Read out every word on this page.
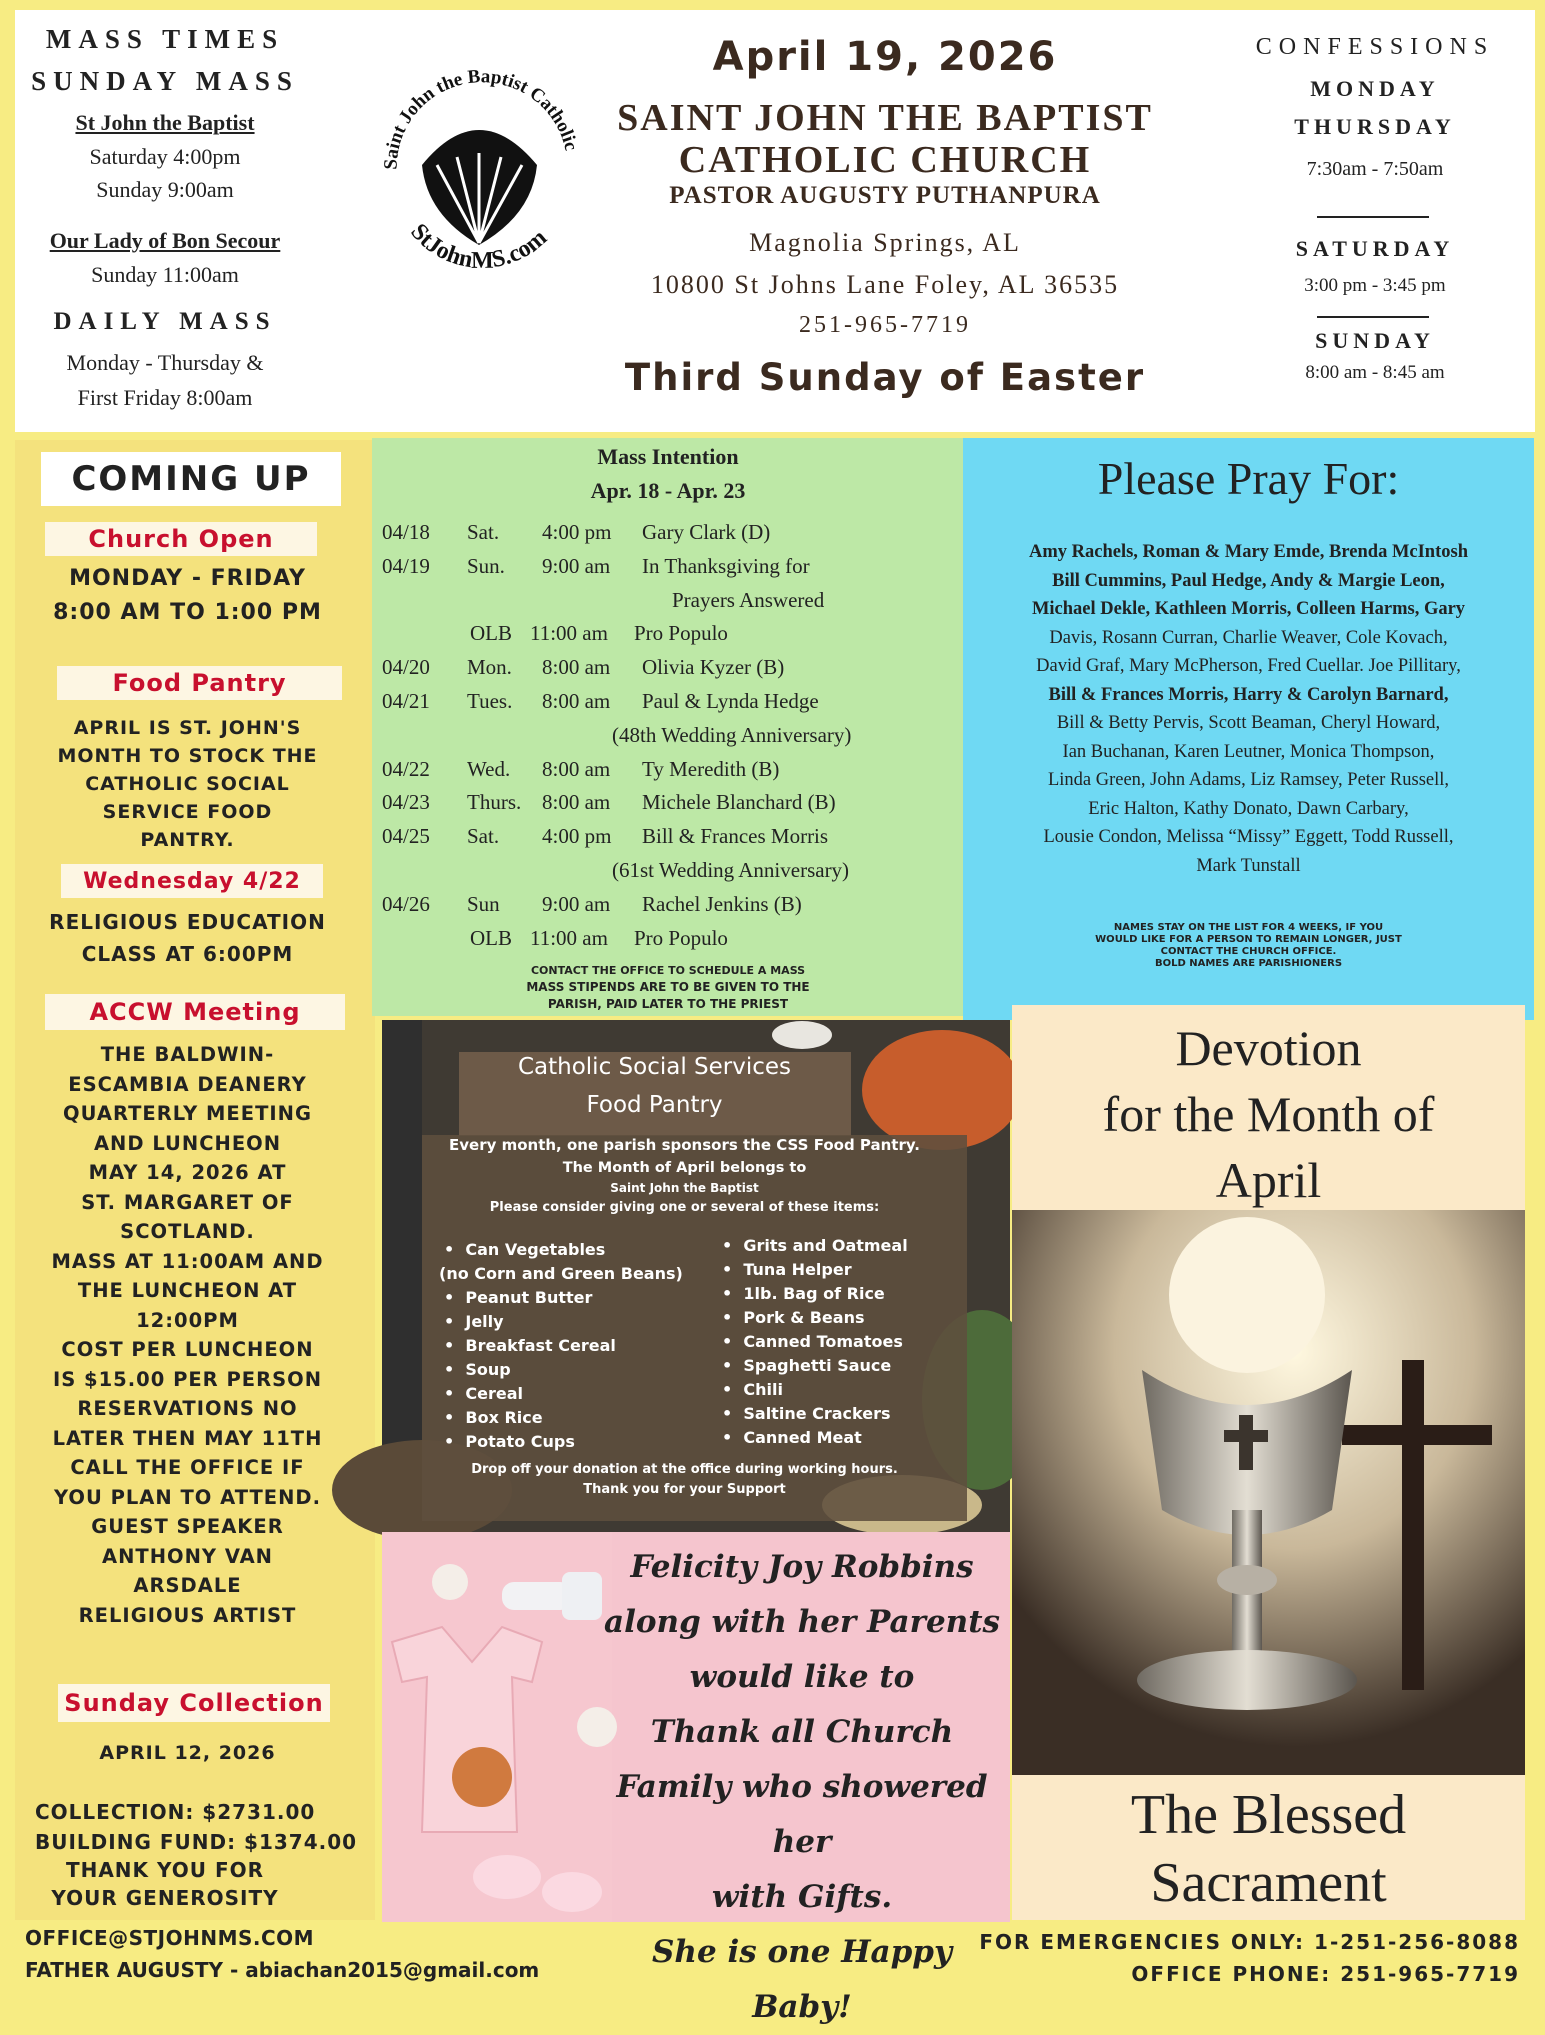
MASS TIMES
SUNDAY MASS
St John the Baptist
Saturday 4:00pm
Sunday 9:00am
Our Lady of Bon Secour
Sunday 11:00am
DAILY MASS
Monday - Thursday &
First Friday 8:00am
Saint John the Baptist Catholic
StJohnMS.com
April 19, 2026
SAINT JOHN THE BAPTIST
CATHOLIC CHURCH
PASTOR AUGUSTY PUTHANPURA
Magnolia Springs, AL
10800 St Johns Lane Foley, AL 36535
251-965-7719
Third Sunday of Easter
CONFESSIONS
MONDAY
THURSDAY
7:30am - 7:50am
SATURDAY
3:00 pm - 3:45 pm
SUNDAY
8:00 am - 8:45 am
COMING UP
Church Open
MONDAY - FRIDAY
8:00 AM TO 1:00 PM
Food Pantry
APRIL IS ST. JOHN'S
MONTH TO STOCK THE
CATHOLIC SOCIAL
SERVICE FOOD
PANTRY.
Wednesday 4/22
RELIGIOUS EDUCATION
CLASS AT 6:00PM
ACCW Meeting
THE BALDWIN-
ESCAMBIA DEANERY
QUARTERLY MEETING
AND LUNCHEON
MAY 14, 2026 AT
ST. MARGARET OF
SCOTLAND.
MASS AT 11:00AM AND
THE LUNCHEON AT
12:00PM
COST PER LUNCHEON
IS $15.00 PER PERSON
RESERVATIONS NO
LATER THEN MAY 11TH
CALL THE OFFICE IF
YOU PLAN TO ATTEND.
GUEST SPEAKER
ANTHONY VAN
ARSDALE
RELIGIOUS ARTIST
Sunday Collection
APRIL 12, 2026
COLLECTION: $2731.00
BUILDING FUND: $1374.00
THANK YOU FOR
YOUR GENEROSITY
Mass Intention
Apr. 18 - Apr. 23
04/18 Sat. 4:00 pm Gary Clark (D)
04/19 Sun. 9:00 am In Thanksgiving for
Prayers Answered
OLB 11:00 am Pro Populo
04/20 Mon. 8:00 am Olivia Kyzer (B)
04/21 Tues. 8:00 am Paul & Lynda Hedge
(48th Wedding Anniversary)
04/22 Wed. 8:00 am Ty Meredith (B)
04/23 Thurs. 8:00 am Michele Blanchard (B)
04/25 Sat. 4:00 pm Bill & Frances Morris
(61st Wedding Anniversary)
04/26 Sun 9:00 am Rachel Jenkins (B)
OLB 11:00 am Pro Populo
CONTACT THE OFFICE TO SCHEDULE A MASS
MASS STIPENDS ARE TO BE GIVEN TO THE
PARISH, PAID LATER TO THE PRIEST
Please Pray For:
Amy Rachels, Roman & Mary Emde, Brenda McIntosh
Bill Cummins, Paul Hedge, Andy & Margie Leon,
Michael Dekle, Kathleen Morris, Colleen Harms, Gary
Davis, Rosann Curran, Charlie Weaver, Cole Kovach,
David Graf, Mary McPherson, Fred Cuellar. Joe Pillitary,
Bill & Frances Morris, Harry & Carolyn Barnard,
Bill & Betty Pervis, Scott Beaman, Cheryl Howard,
Ian Buchanan, Karen Leutner, Monica Thompson,
Linda Green, John Adams, Liz Ramsey, Peter Russell,
Eric Halton, Kathy Donato, Dawn Carbary,
Lousie Condon, Melissa “Missy” Eggett, Todd Russell,
Mark Tunstall
NAMES STAY ON THE LIST FOR 4 WEEKS, IF YOU
WOULD LIKE FOR A PERSON TO REMAIN LONGER, JUST
CONTACT THE CHURCH OFFICE.
BOLD NAMES ARE PARISHIONERS
Catholic Social Services
Food Pantry
Every month, one parish sponsors the CSS Food Pantry.
The Month of April belongs to
Saint John the Baptist
Please consider giving one or several of these items:
•  Can Vegetables
(no Corn and Green Beans)
•  Peanut Butter
•  Jelly
•  Breakfast Cereal
•  Soup
•  Cereal
•  Box Rice
•  Potato Cups
•  Grits and Oatmeal
•  Tuna Helper
•  1lb. Bag of Rice
•  Pork & Beans
•  Canned Tomatoes
•  Spaghetti Sauce
•  Chili
•  Saltine Crackers
•  Canned Meat
Drop off your donation at the office during working hours.
Thank you for your Support
Felicity Joy Robbins
along with her Parents
would like to
Thank all Church
Family who showered her
with Gifts.
She is one Happy Baby!
Devotion
for the Month of
April
The Blessed
Sacrament
OFFICE@STJOHNMS.COM
FATHER AUGUSTY - abiachan2015@gmail.com
FOR EMERGENCIES ONLY: 1-251-256-8088
OFFICE PHONE: 251-965-7719
